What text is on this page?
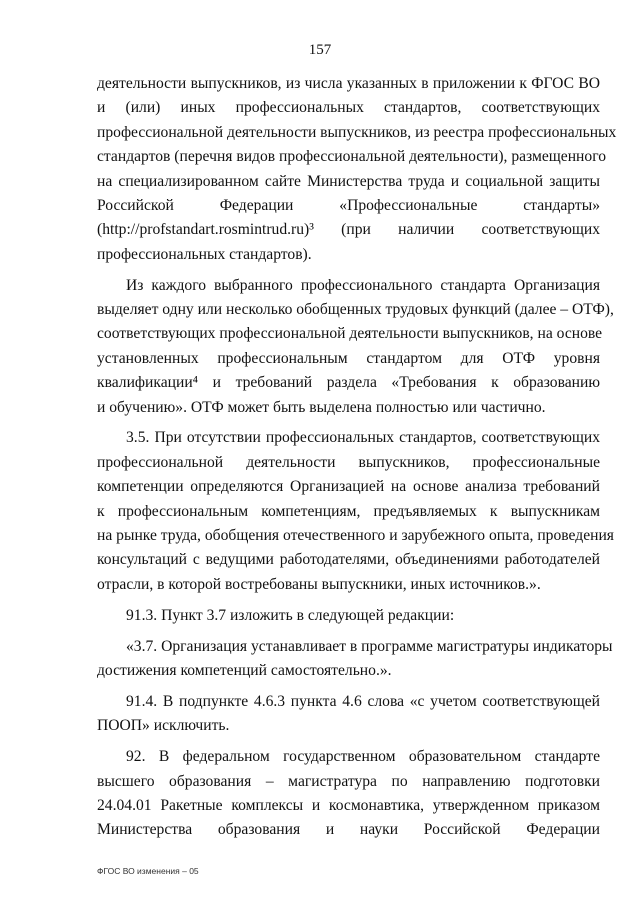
157
деятельности выпускников, из числа указанных в приложении к ФГОС ВО
и (или) иных профессиональных стандартов, соответствующих
профессиональной деятельности выпускников, из реестра профессиональных
стандартов (перечня видов профессиональной деятельности), размещенного
на специализированном сайте Министерства труда и социальной защиты
Российской Федерации «Профессиональные стандарты»
(http://profstandart.rosmintrud.ru)³ (при наличии соответствующих
профессиональных стандартов).
Из каждого выбранного профессионального стандарта Организация
выделяет одну или несколько обобщенных трудовых функций (далее – ОТФ),
соответствующих профессиональной деятельности выпускников, на основе
установленных профессиональным стандартом для ОТФ уровня
квалификации⁴ и требований раздела «Требования к образованию
и обучению». ОТФ может быть выделена полностью или частично.
3.5. При отсутствии профессиональных стандартов, соответствующих
профессиональной деятельности выпускников, профессиональные
компетенции определяются Организацией на основе анализа требований
к профессиональным компетенциям, предъявляемых к выпускникам
на рынке труда, обобщения отечественного и зарубежного опыта, проведения
консультаций с ведущими работодателями, объединениями работодателей
отрасли, в которой востребованы выпускники, иных источников.».
91.3. Пункт 3.7 изложить в следующей редакции:
«3.7. Организация устанавливает в программе магистратуры индикаторы
достижения компетенций самостоятельно.».
91.4. В подпункте 4.6.3 пункта 4.6 слова «с учетом соответствующей
ПООП» исключить.
92. В федеральном государственном образовательном стандарте
высшего образования – магистратура по направлению подготовки
24.04.01 Ракетные комплексы и космонавтика, утвержденном приказом
Министерства образования и науки Российской Федерации
ФГОС ВО изменения – 05
